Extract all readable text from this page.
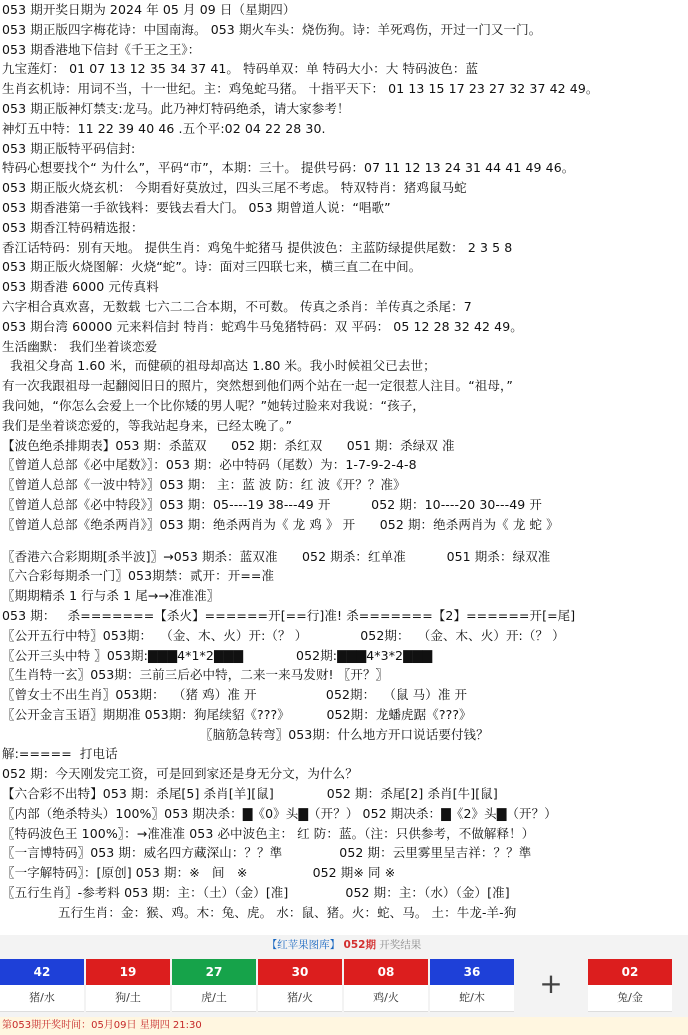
053 期开奖日期为 2024 年 05 月 09 日（星期四）
053 期正版四字梅花诗：中国南海。 053 期火车头：烧伤狗。诗：羊死鸡伤，开过一门又一门。
053 期香港地下信封《千王之王》：
九宝莲灯： 01 07 13 12 35 34 37 41。 特码单双：单 特码大小：大 特码波色：蓝
生肖玄机诗：用词不当，十一世纪。主：鸡兔蛇马猪。 十指平天下： 01 13 15 17 23 27 32 37 42 49。
053 期正版神灯禁支:龙马。此乃神灯特码绝杀，请大家参考！
神灯五中特：11 22 39 40 46 .五个平:02 04 22 28 30.
053 期正版特平码信封:
特码心想要找个“ 为什么”，平码“市”，本期：三十。 提供号码：07 11 12 13 24 31 44 41 49 46。
053 期正版火烧玄机： 今期看好莫放过，四头三尾不考虑。 特双特肖：猪鸡鼠马蛇
053 期香港第一手欲钱料：要钱去看大门。 053 期曾道人说：“唱歌”
053 期香江特码精选报：
香江话特码：别有天地。 提供生肖：鸡兔牛蛇猪马 提供波色：主蓝防绿提供尾数： 2 3 5 8
053 期正版火烧图解：火烧“蛇”。诗：面对三四联七来，横三直二在中间。
053 期香港 6000 元传真料
六字相合真欢喜，无数载 七六二二合本期，不可数。 传真之杀肖：羊传真之杀尾：7
053 期台湾 60000 元来料信封 特肖：蛇鸡牛马兔猪特码：双 平码： 05 12 28 32 42 49。
生活幽默： 我们坐着谈恋爱
我祖父身高 1.60 米，而健硕的祖母却高达 1.80 米。我小时候祖父已去世；
有一次我跟祖母一起翻阅旧日的照片，突然想到他们两个站在一起一定很惹人注目。“祖母，”
我问她，“你怎么会爱上一个比你矮的男人呢？”她转过脸来对我说：“孩子，
我们是坐着谈恋爱的，等我站起身来，已经太晚了。”
【波色绝杀排期表】053 期：杀蓝双      052 期：杀红双      051 期：杀绿双 准
〖曾道人总部《必中尾数》〗：053 期：必中特码（尾数）为：1-7-9-2-4-8
〖曾道人总部《一波中特》〗053 期： 主：蓝 波 防：红 波《开？？准》
〖曾道人总部《必中特段》〗053 期：05----19 38---49 开          052 期：10----20 30---49 开
〖曾道人总部《绝杀两肖》〗053 期：绝杀两肖为《 龙 鸡 》 开      052 期：绝杀两肖为《 龙 蛇 》
〖香港六合彩期期[杀半波]〗→053 期杀：蓝双准      052 期杀：红单准          051 期杀：绿双准
〖六合彩每期杀一门〗053期禁：贰开：开==准
〖期期精杀 1 行与杀 1 尾→→准准准〗
053 期：   杀=======【杀火】======开[==行]准! 杀=======【2】======开[=尾]
〖公开五行中特〗053期：  （金、木、火）开:（？ ）             052期：  （金、木、火）开:（？ ）
〖公开三头中特 〗053期:▇▇▇4*1*2▇▇▇             052期:▇▇▇4*3*2▇▇▇
〖生肖特一玄〗053期：三前三后必中特，二来一来马发财! 〖开？〗
〖曾女士不出生肖〗053期：  （猪 鸡）准 开                 052期：  （鼠 马）准 开
〖公开金言玉语〗期期准 053期：狗尾续貂《???》         052期：龙蟠虎踞《???》
〖脑筋急转弯〗053期：什么地方开口说话要付钱？
解:=====  打电话
052 期：今天刚发完工资，可是回到家还是身无分文，为什么？
【六合彩不出特】053 期：杀尾[5] 杀肖[羊][鼠]             052 期：杀尾[2] 杀肖[牛][鼠]
〖内部（绝杀特头）100%〗053 期决杀：▇《0》头▇（开？） 052 期决杀：▇《2》头▇（开？）
〖特码波色王 100%〗：→准准准 053 必中波色主： 红 防：蓝。（注：只供参考，不做解释！）
〖一言博特码〗053 期：威名四方藏深山：？？準              052 期：云里雾里呈吉祥：？？準
〖一字解特码〗：[原创] 053 期：※   间   ※                052 期※ 同 ※
〖五行生肖〗-参考料 053 期：主：（土）（金）[准]              052 期：主：（水）（金）[准]
五行生肖：金：猴、鸡。木：兔、虎。 水：鼠、猪。火：蛇、马。 土：牛龙-羊-狗
【红苹果图库】 052期 开奖结果
42
猪/水
19
狗/土
27
虎/土
30
猪/火
08
鸡/火
36
蛇/木
02
兔/金
+
第053期开奖时间：05月09日 星期四 21:30
